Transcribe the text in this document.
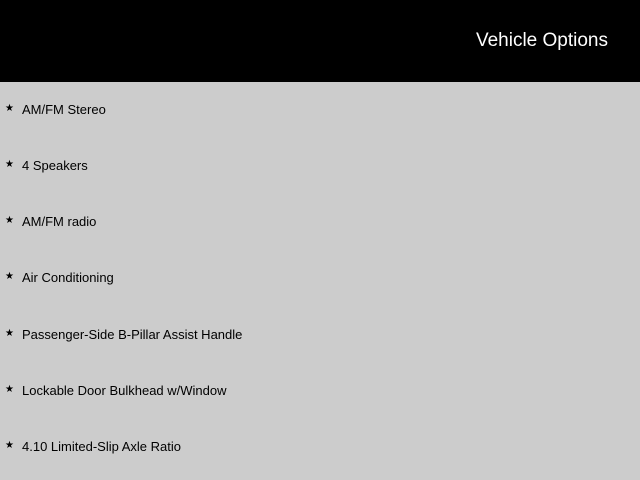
Vehicle Options
★ AM/FM Stereo
★ 4 Speakers
★ AM/FM radio
★ Air Conditioning
★ Passenger-Side B-Pillar Assist Handle
★ Lockable Door Bulkhead w/Window
★ 4.10 Limited-Slip Axle Ratio
